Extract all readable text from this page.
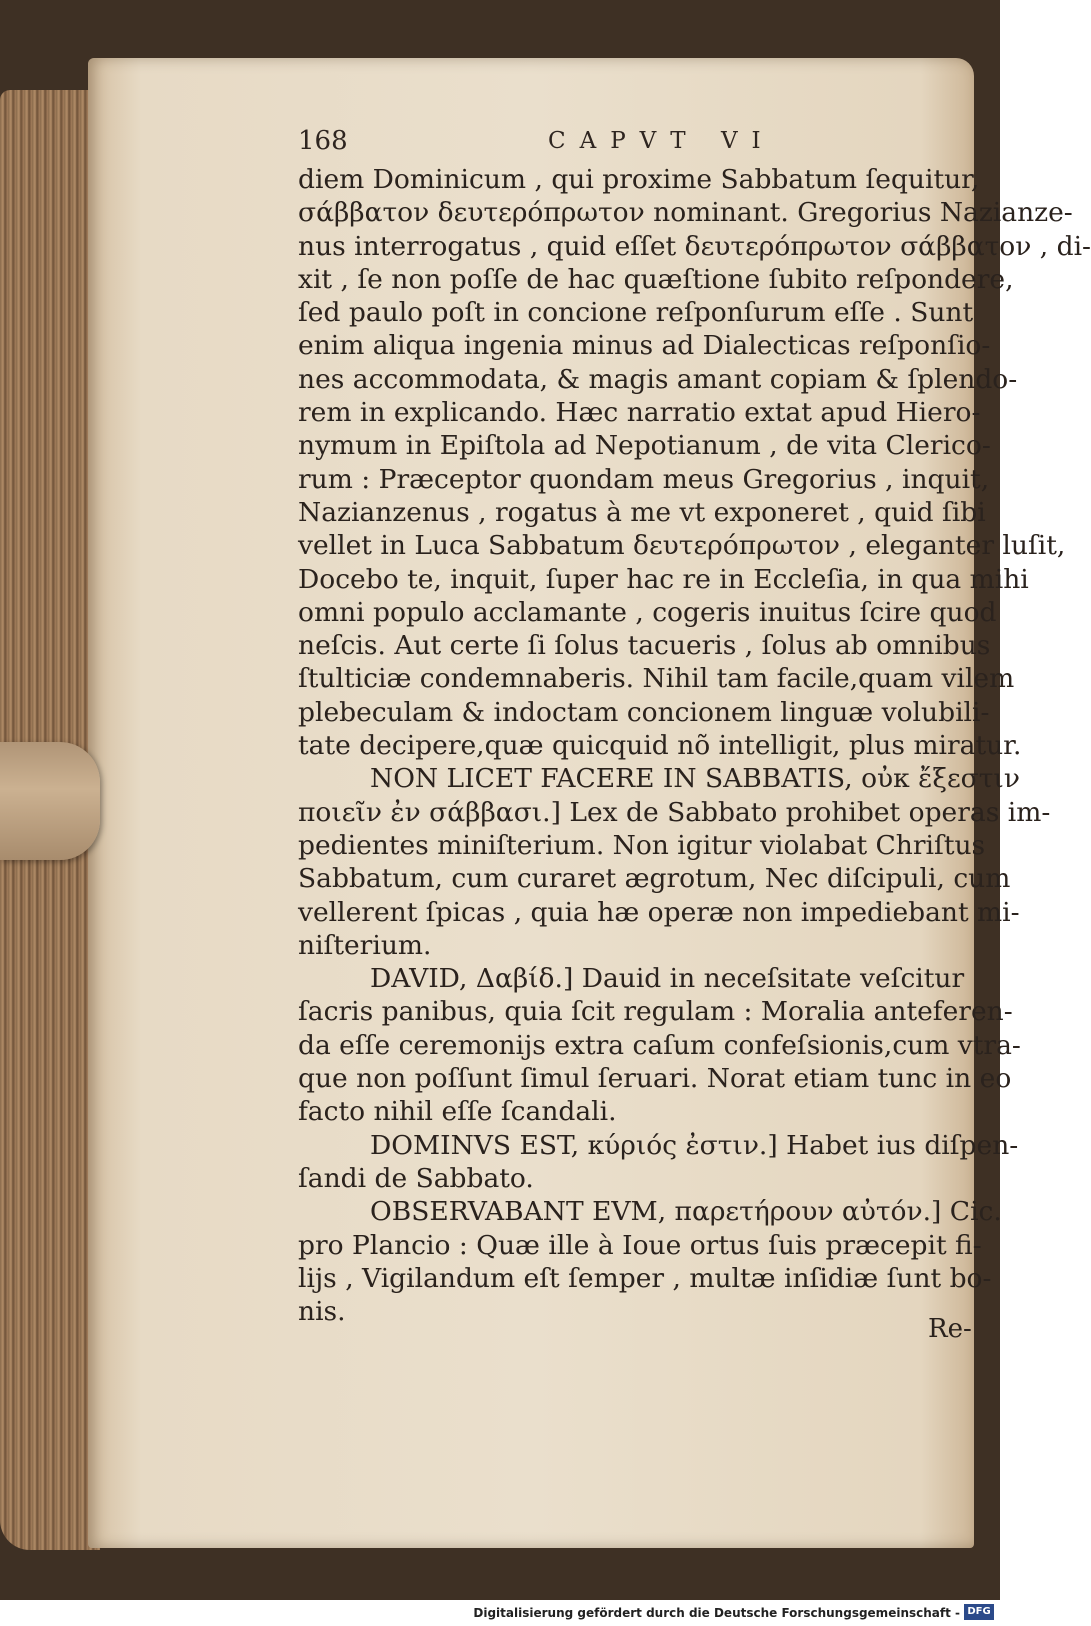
168	CAPVT VI
diem Dominicum , qui proxime Sabbatum ſequitur,
σάββατον δευτερόπρωτον nominant. Gregorius Nazianze-
nus interrogatus , quid eſſet δευτερόπρωτον σάββατον , di-
xit , ſe non poſſe de hac quæſtione ſubito reſpondere,
ſed paulo poſt in concione reſponſurum eſſe . Sunt
enim aliqua ingenia minus ad Dialecticas reſponſio-
nes accommodata, & magis amant copiam & ſplendo-
rem in explicando. Hæc narratio extat apud Hiero-
nymum in Epiſtola ad Nepotianum , de vita Clerico-
rum : Præceptor quondam meus Gregorius , inquit,
Nazianzenus , rogatus à me vt exponeret , quid ſibi
vellet in Luca Sabbatum δευτερόπρωτον , eleganter luſit,
Docebo te, inquit, ſuper hac re in Eccleſia, in qua mihi
omni populo acclamante , cogeris inuitus ſcire quod
neſcis. Aut certe ſi ſolus tacueris , ſolus ab omnibus
ſtulticiæ condemnaberis. Nihil tam facile,quam vilem
plebeculam & indoctam concionem linguæ volubili-
tate decipere,quæ quicquid nõ intelligit, plus miratur.
NON LICET FACERE IN SABBATIS, οὐκ ἔξεστιν
ποιεῖν ἐν σάββασι.] Lex de Sabbato prohibet operas im-
pedientes miniſterium. Non igitur violabat Chriſtus
Sabbatum, cum curaret ægrotum, Nec diſcipuli, cum
vellerent ſpicas , quia hæ operæ non impediebant mi-
niſterium.
DAVID, Δαβίδ.] Dauid in neceſsitate veſcitur
ſacris panibus, quia ſcit regulam : Moralia anteferen-
da eſſe ceremonijs extra caſum confeſsionis,cum vtra-
que non poſſunt ſimul ſeruari. Norat etiam tunc in eo
facto nihil eſſe ſcandali.
DOMINVS EST, κύριός ἐστιν.] Habet ius diſpen-
ſandi de Sabbato.
OBSERVABANT EVM, παρετήρουν αὐτόν.] Cic.
pro Plancio : Quæ ille à Ioue ortus ſuis præcepit fi-
lijs , Vigilandum eſt ſemper , multæ inſidiæ ſunt bo-
nis.
Re-
Digitalisierung gefördert durch die Deutsche Forschungsgemeinschaft - DFG
